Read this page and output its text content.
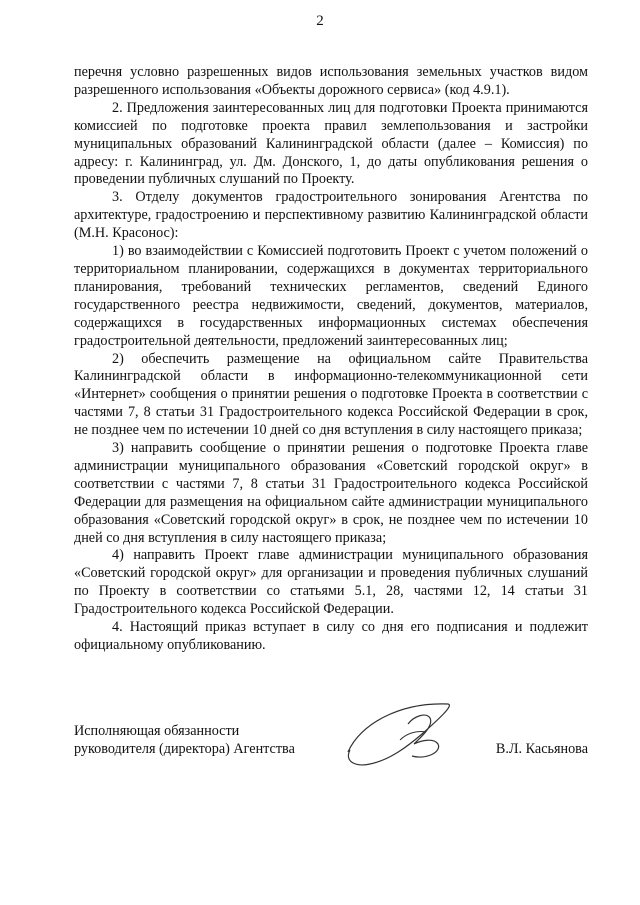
2

перечня условно разрешенных видов использования земельных участков видом разрешенного использования «Объекты дорожного сервиса» (код 4.9.1).

2. Предложения заинтересованных лиц для подготовки Проекта принимаются комиссией по подготовке проекта правил землепользования и застройки муниципальных образований Калининградской области (далее – Комиссия) по адресу: г. Калининград, ул. Дм. Донского, 1, до даты опубликования решения о проведении публичных слушаний по Проекту.

3. Отделу документов градостроительного зонирования Агентства по архитектуре, градостроению и перспективному развитию Калининградской области (М.Н. Красонос):

1) во взаимодействии с Комиссией подготовить Проект с учетом положений о территориальном планировании, содержащихся в документах территориального планирования, требований технических регламентов, сведений Единого государственного реестра недвижимости, сведений, документов, материалов, содержащихся в государственных информационных системах обеспечения градостроительной деятельности, предложений заинтересованных лиц;

2) обеспечить размещение на официальном сайте Правительства Калининградской области в информационно-телекоммуникационной сети «Интернет» сообщения о принятии решения о подготовке Проекта в соответствии с частями 7, 8 статьи 31 Градостроительного кодекса Российской Федерации в срок, не позднее чем по истечении 10 дней со дня вступления в силу настоящего приказа;

3) направить сообщение о принятии решения о подготовке Проекта главе администрации муниципального образования «Советский городской округ» в соответствии с частями 7, 8 статьи 31 Градостроительного кодекса Российской Федерации для размещения на официальном сайте администрации муниципального образования «Советский городской округ» в срок, не позднее чем по истечении 10 дней со дня вступления в силу настоящего приказа;

4) направить Проект главе администрации муниципального образования «Советский городской округ» для организации и проведения публичных слушаний по Проекту в соответствии со статьями 5.1, 28, частями 12, 14 статьи 31 Градостроительного кодекса Российской Федерации.

4. Настоящий приказ вступает в силу со дня его подписания и подлежит официальному опубликованию.

Исполняющая обязанности
руководителя (директора) Агентства	В.Л. Касьянова
